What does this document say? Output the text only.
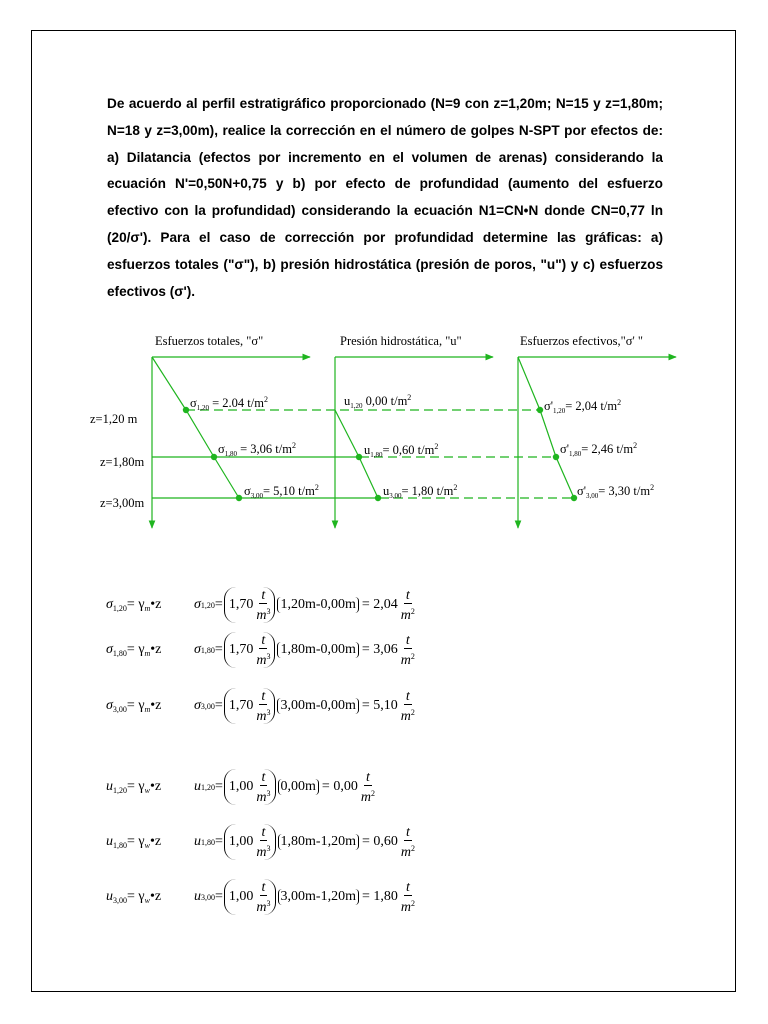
De acuerdo al perfil estratigráfico proporcionado (N=9 con z=1,20m; N=15 y z=1,80m; N=18 y z=3,00m), realice la corrección en el número de golpes N-SPT por efectos de: a) Dilatancia (efectos por incremento en el volumen de arenas) considerando la ecuación N'=0,50N+0,75 y b) por efecto de profundidad (aumento del esfuerzo efectivo con la profundidad) considerando la ecuación N1=CN•N donde CN=0,77 ln (20/σ'). Para el caso de corrección por profundidad determine las gráficas: a) esfuerzos totales ("σ"), b) presión hidrostática (presión de poros, "u") y c) esfuerzos efectivos (σ').

Esfuerzos totales, "σ"	Presión hidrostática, "u"	Esfuerzos efectivos,"σ' "
z=1,20 m
z=1,80m
z=3,00m
$\sigma_{1,20} = 2.04$ $t/m^2$
$\sigma_{1,80} = 3,06$ $t/m^2$
$\sigma_{3,00}= 5,10$ $t/m^2$
$u_{1,20}$ 0,00 $t/m^2$
$u_{1,80}= 0,60$ $t/m^2$
$u_{3,00}= 1,80$ $t/m^2$
$\sigma'_{1,20}= 2,04$ $t/m^2$
$\sigma'_{1,80}= 2,46$ $t/m^2$
$\sigma'_{3,00}= 3,30$ $t/m^2$
$\sigma_{1,20}=$ $\gamma_m•z$	σ $1,20 = 1,70 \frac{t}{m^3} 1,20m-0,00m = 2,04 \frac{t}{m^2}$
$\sigma_{1,80}=$ $\gamma_m•z$	σ $1,80 = 1,70 \frac{t}{m^3} 1,80m-0,00m = 3,06 \frac{t}{m^2}$
$\sigma_{3,00}=$ $\gamma_m•z$	σ $3,00 = 1,70 \frac{t}{m^3} 3,00m-0,00m = 5,10 \frac{t}{m^2}$
$u_{1,20}=$ $\gamma_w•z$	u $1,20 = 1,00 \frac{t}{m^3} 0,00m = 0,00 \frac{t}{m^2}$
$u_{1,80}=$ $\gamma_w•z$	u $1,80 = 1,00 \frac{t}{m^3} 1,80m-1,20m = 0,60 \frac{t}{m^2}$
$u_{3,00}=$ $\gamma_w•z$	u $3,00 = 1,00 \frac{t}{m^3} 3,00m-1,20m = 1,80 \frac{t}{m^2}$
